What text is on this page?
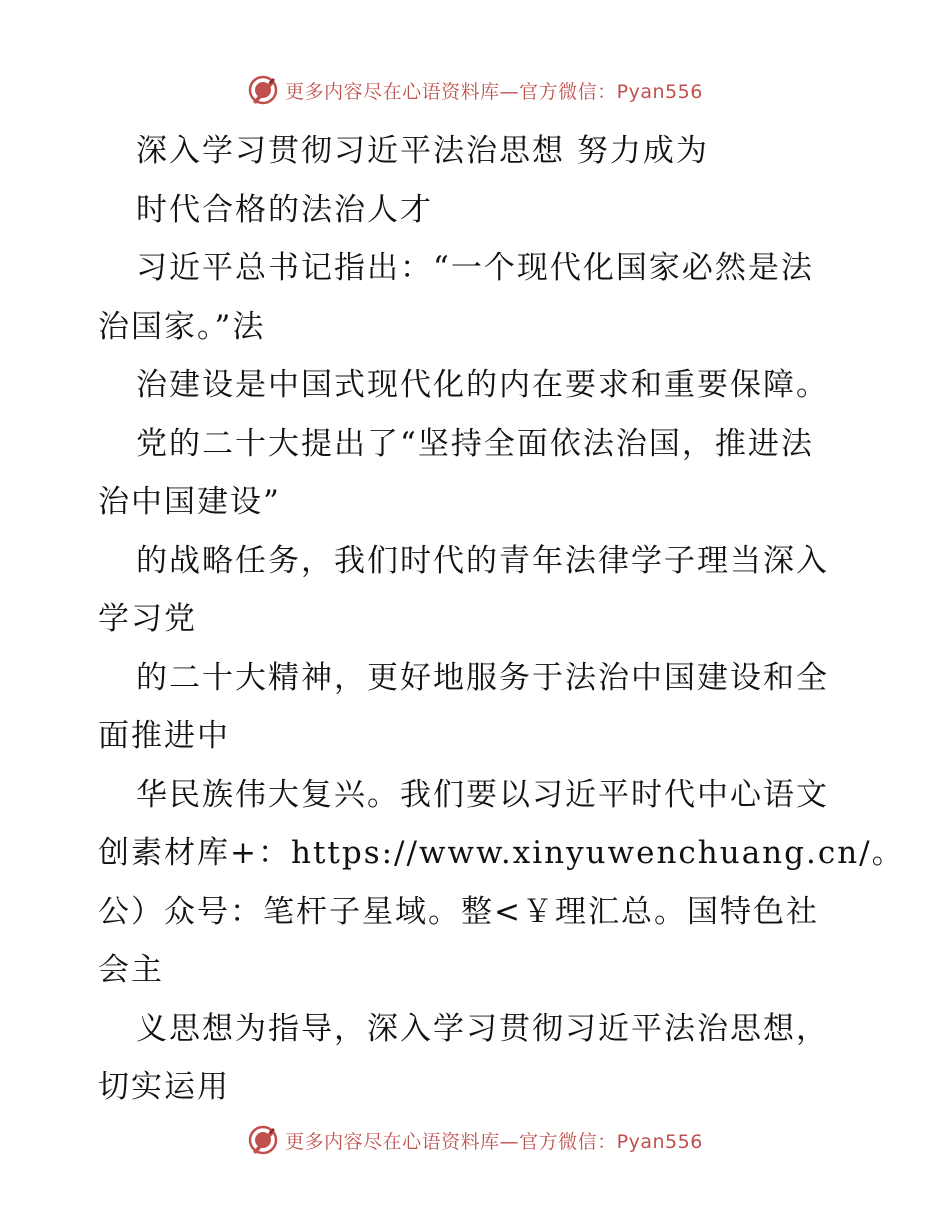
更多内容尽在心语资料库—官方微信：Pyan556
深入学习贯彻习近平法治思想 努力成为
时代合格的法治人才
习近平总书记指出：“一个现代化国家必然是法
治国家。”法
治建设是中国式现代化的内在要求和重要保障。
党的二十大提出了“坚持全面依法治国，推进法
治中国建设”
的战略任务，我们时代的青年法律学子理当深入
学习党
的二十大精神，更好地服务于法治中国建设和全
面推进中
华民族伟大复兴。我们要以习近平时代中心语文
创素材库+：https://www.xinyuwenchuang.cn/。
公）众号：笔杆子星域。整<￥理汇总。国特色社
会主
义思想为指导，深入学习贯彻习近平法治思想，
切实运用
更多内容尽在心语资料库—官方微信：Pyan556
